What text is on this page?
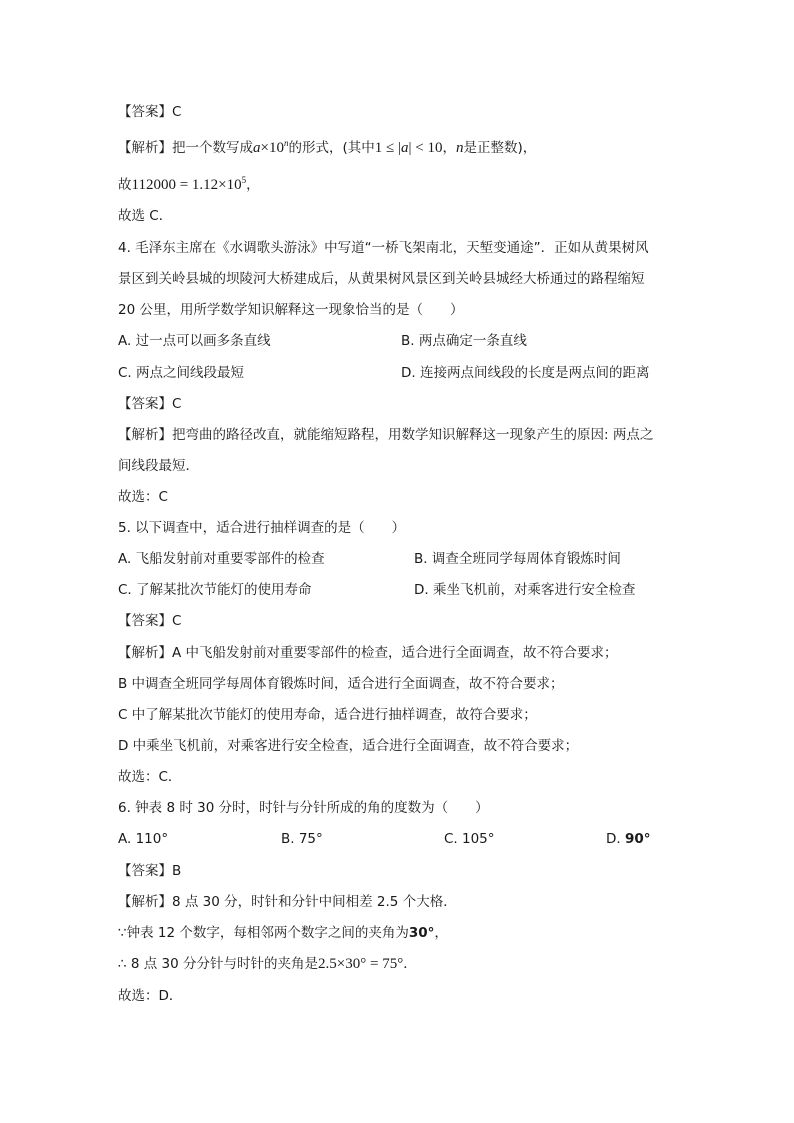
【答案】C
【解析】把一个数写成$a\times 10^n$的形式，(其中1 ≤ |a| < 10，n是正整数)，
故$112000 = 1.12\times 10^5$，
故选 C．
4. 毛泽东主席在《水调歌头游泳》中写道“一桥飞架南北，天堑变通途”．正如从黄果树风
景区到关岭县城的坝陵河大桥建成后，从黄果树风景区到关岭县城经大桥通过的路程缩短
20 公里，用所学数学知识解释这一现象恰当的是（　　）
A. 过一点可以画多条直线	B. 两点确定一条直线
C. 两点之间线段最短	D. 连接两点间线段的长度是两点间的距离
【答案】C
【解析】把弯曲的路径改直，就能缩短路程，用数学知识解释这一现象产生的原因: 两点之
间线段最短．
故选：C
5. 以下调查中，适合进行抽样调查的是（　　）
A. 飞船发射前对重要零部件的检查	B. 调查全班同学每周体育锻炼时间
C. 了解某批次节能灯的使用寿命	D. 乘坐飞机前，对乘客进行安全检查
【答案】C
【解析】A 中飞船发射前对重要零部件的检查，适合进行全面调查，故不符合要求；
B 中调查全班同学每周体育锻炼时间，适合进行全面调查，故不符合要求；
C 中了解某批次节能灯的使用寿命，适合进行抽样调查，故符合要求；
D 中乘坐飞机前，对乘客进行安全检查，适合进行全面调查，故不符合要求；
故选：C．
6. 钟表 8 时 30 分时，时针与分针所成的角的度数为（　　）
A. 110°	B. 75°	C. 105°	D. 90°
【答案】B
【解析】8 点 30 分，时针和分针中间相差 2.5 个大格．
∵钟表 12 个数字，每相邻两个数字之间的夹角为30°，
∴ 8 点 30 分分针与时针的夹角是2.5×30° = 75°．
故选：D．
